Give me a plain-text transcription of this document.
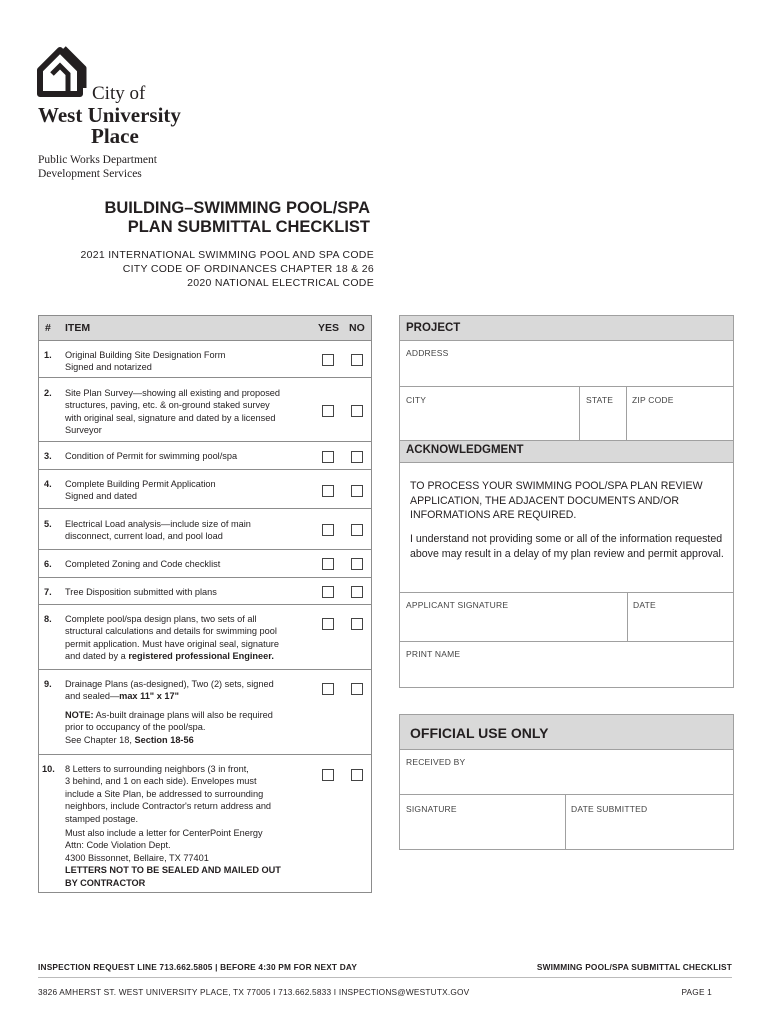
City of
West University
Place
Public Works Department
Development Services
BUILDING–SWIMMING POOL/SPA
PLAN SUBMITTAL CHECKLIST
2021 INTERNATIONAL SWIMMING POOL AND SPA CODE
CITY CODE OF ORDINANCES CHAPTER 18 & 26
2020 NATIONAL ELECTRICAL CODE
# ITEM	YES NO
1. Original Building Site Designation Form
Signed and notarized
2. Site Plan Survey—showing all existing and proposed
structures, paving, etc. & on-ground staked survey
with original seal, signature and dated by a licensed
Surveyor
3. Condition of Permit for swimming pool/spa
4. Complete Building Permit Application
Signed and dated
5. Electrical Load analysis—include size of main
disconnect, current load, and pool load
6. Completed Zoning and Code checklist
7. Tree Disposition submitted with plans
8. Complete pool/spa design plans, two sets of all
structural calculations and details for swimming pool
permit application. Must have original seal, signature
and dated by a registered professional Engineer.
9. Drainage Plans (as-designed), Two (2) sets, signed
and sealed—max 11" x 17"
NOTE: As-built drainage plans will also be required
prior to occupancy of the pool/spa.
See Chapter 18, Section 18-56
10. 8 Letters to surrounding neighbors (3 in front,
3 behind, and 1 on each side). Envelopes must
include a Site Plan, be addressed to surrounding
neighbors, include Contractor's return address and
stamped postage.
Must also include a letter for CenterPoint Energy
Attn: Code Violation Dept.
4300 Bissonnet, Bellaire, TX 77401
LETTERS NOT TO BE SEALED AND MAILED OUT
BY CONTRACTOR
PROJECT
ADDRESS
CITY	STATE ZIP CODE
ACKNOWLEDGMENT
TO PROCESS YOUR SWIMMING POOL/SPA PLAN REVIEW APPLICATION, THE ADJACENT DOCUMENTS AND/OR INFORMATIONS ARE REQUIRED.
I understand not providing some or all of the information requested above may result in a delay of my plan review and permit approval.
APPLICANT SIGNATURE	DATE
PRINT NAME
OFFICIAL USE ONLY
RECEIVED BY
SIGNATURE	DATE SUBMITTED
INSPECTION REQUEST LINE 713.662.5805 | BEFORE 4:30 PM FOR NEXT DAY	SWIMMING POOL/SPA SUBMITTAL CHECKLIST
3826 AMHERST ST. WEST UNIVERSITY PLACE, TX 77005 I 713.662.5833 I INSPECTIONS@WESTUTX.GOV	PAGE 1
